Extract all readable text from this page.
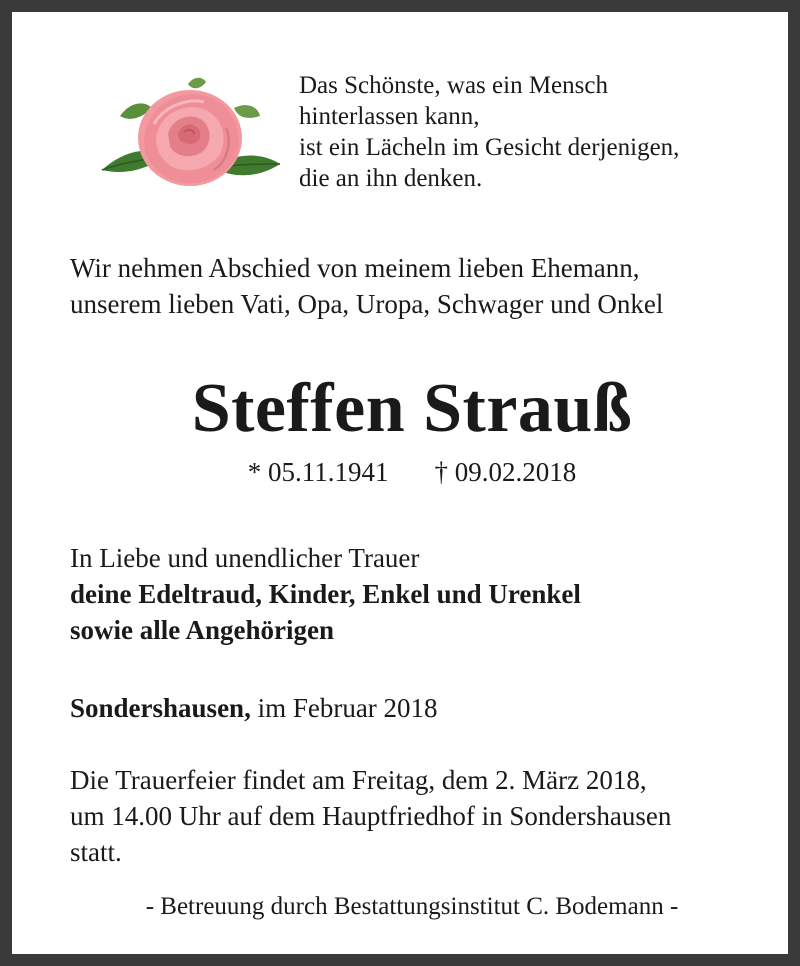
Das Schönste, was ein Mensch
hinterlassen kann,
ist ein Lächeln im Gesicht derjenigen,
die an ihn denken.
Wir nehmen Abschied von meinem lieben Ehemann,
unserem lieben Vati, Opa, Uropa, Schwager und Onkel
Steffen Strauß
* 05.11.1941 † 09.02.2018
In Liebe und unendlicher Trauer
deine Edeltraud, Kinder, Enkel und Urenkel
sowie alle Angehörigen
Sondershausen, im Februar 2018
Die Trauerfeier findet am Freitag, dem 2. März 2018,
um 14.00 Uhr auf dem Hauptfriedhof in Sondershausen
statt.
- Betreuung durch Bestattungsinstitut C. Bodemann -
